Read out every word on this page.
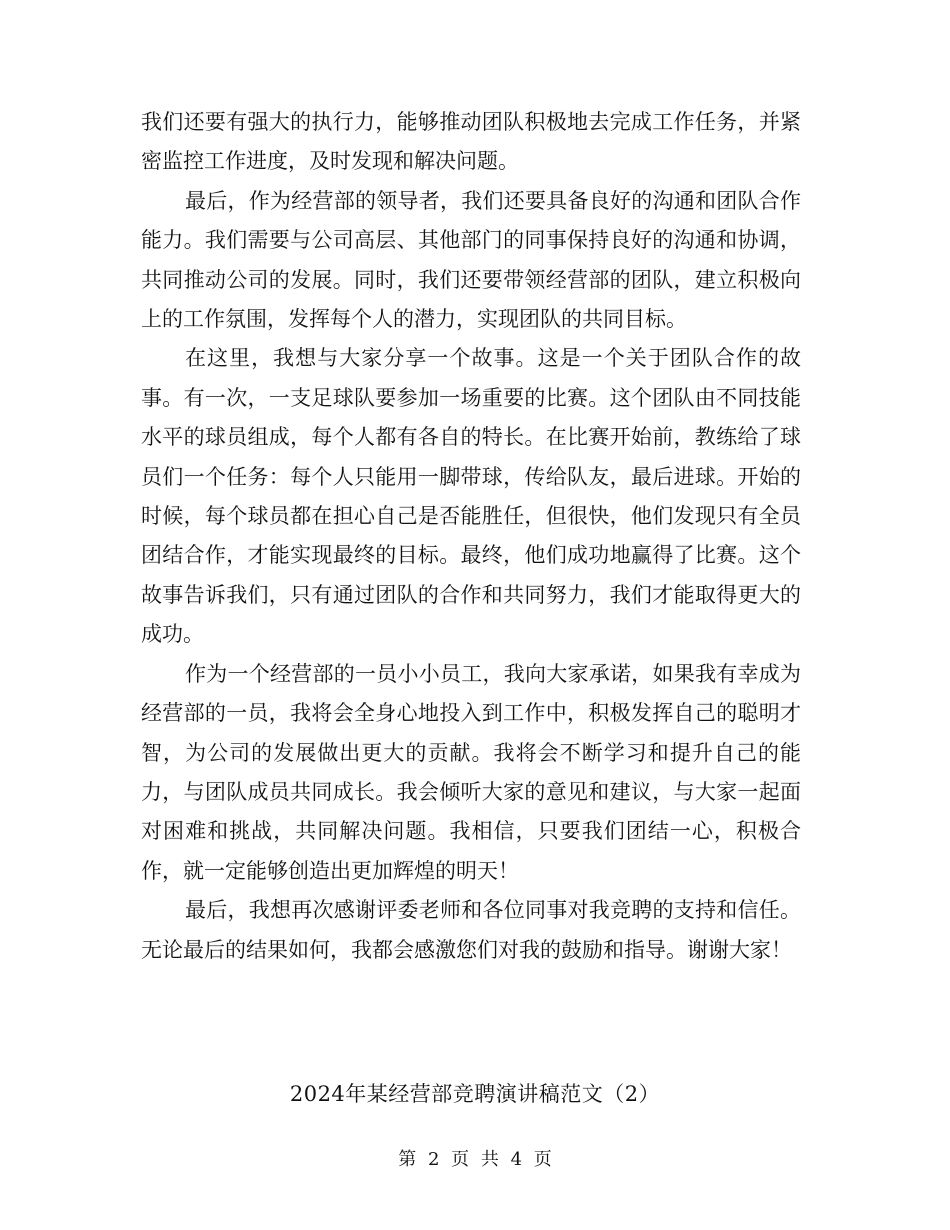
我们还要有强大的执行力，能够推动团队积极地去完成工作任务，并紧密监控工作进度，及时发现和解决问题。

最后，作为经营部的领导者，我们还要具备良好的沟通和团队合作能力。我们需要与公司高层、其他部门的同事保持良好的沟通和协调，共同推动公司的发展。同时，我们还要带领经营部的团队，建立积极向上的工作氛围，发挥每个人的潜力，实现团队的共同目标。

在这里，我想与大家分享一个故事。这是一个关于团队合作的故事。有一次，一支足球队要参加一场重要的比赛。这个团队由不同技能水平的球员组成，每个人都有各自的特长。在比赛开始前，教练给了球员们一个任务：每个人只能用一脚带球，传给队友，最后进球。开始的时候，每个球员都在担心自己是否能胜任，但很快，他们发现只有全员团结合作，才能实现最终的目标。最终，他们成功地赢得了比赛。这个故事告诉我们，只有通过团队的合作和共同努力，我们才能取得更大的成功。

作为一个经营部的一员小小员工，我向大家承诺，如果我有幸成为经营部的一员，我将会全身心地投入到工作中，积极发挥自己的聪明才智，为公司的发展做出更大的贡献。我将会不断学习和提升自己的能力，与团队成员共同成长。我会倾听大家的意见和建议，与大家一起面对困难和挑战，共同解决问题。我相信，只要我们团结一心，积极合作，就一定能够创造出更加辉煌的明天！

最后，我想再次感谢评委老师和各位同事对我竞聘的支持和信任。无论最后的结果如何，我都会感激您们对我的鼓励和指导。谢谢大家！

2024年某经营部竞聘演讲稿范文（2）

第 2 页 共 4 页
